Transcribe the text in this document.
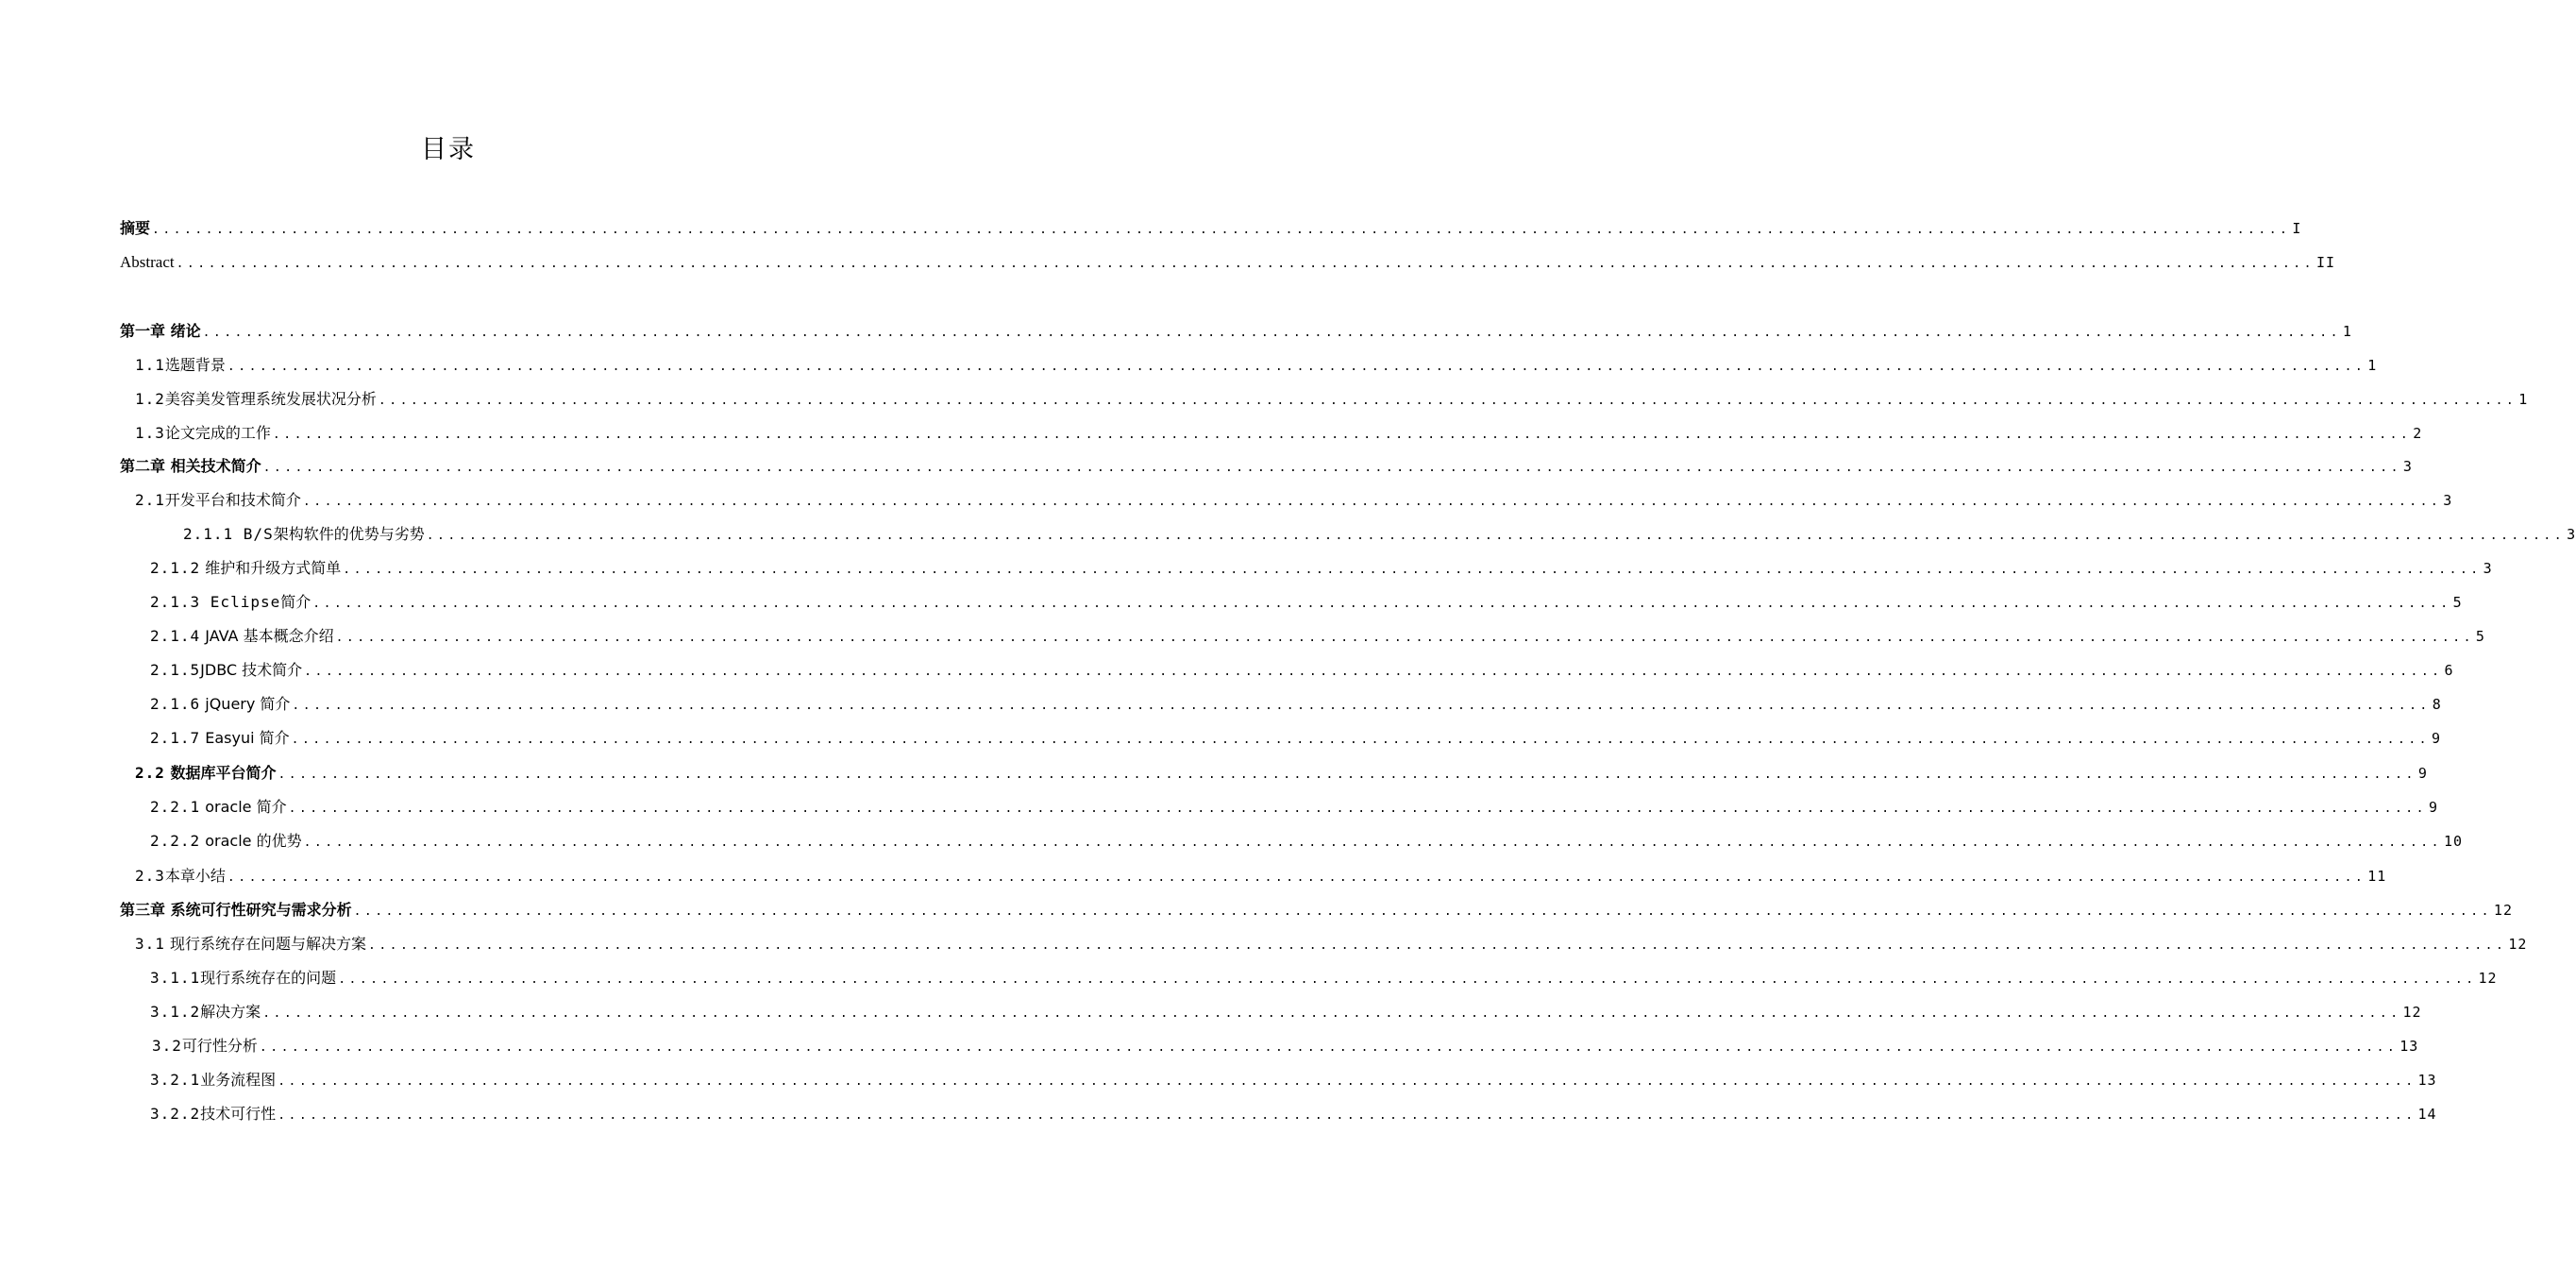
目录
摘要 ........................................................................................................................................................................................................ I
Abstract ........................................................................................................................................................................................................ II
第一章 绪论 ........................................................................................................................................................................................................ 1
1.1选题背景 ........................................................................................................................................................................................................ 1
1.2美容美发管理系统发展状况分析 ........................................................................................................................................................................................................ 1
1.3论文完成的工作 ........................................................................................................................................................................................................ 2
第二章 相关技术简介 ........................................................................................................................................................................................................ 3
2.1开发平台和技术简介 ........................................................................................................................................................................................................ 3
2.1.1 B/S架构软件的优势与劣势 ........................................................................................................................................................................................................ 3
2.1.2 维护和升级方式简单 ........................................................................................................................................................................................................ 3
2.1.3 Eclipse简介 ........................................................................................................................................................................................................ 5
2.1.4 JAVA 基本概念介绍 ........................................................................................................................................................................................................ 5
2.1.5JDBC 技术简介 ........................................................................................................................................................................................................ 6
2.1.6 jQuery 简介 ........................................................................................................................................................................................................ 8
2.1.7 Easyui 简介 ........................................................................................................................................................................................................ 9
2.2 数据库平台简介 ........................................................................................................................................................................................................ 9
2.2.1 oracle 简介 ........................................................................................................................................................................................................ 9
2.2.2 oracle 的优势 ........................................................................................................................................................................................................ 10
2.3本章小结 ........................................................................................................................................................................................................ 11
第三章 系统可行性研究与需求分析 ........................................................................................................................................................................................................ 12
3.1 现行系统存在问题与解决方案 ........................................................................................................................................................................................................ 12
3.1.1现行系统存在的问题 ........................................................................................................................................................................................................ 12
3.1.2解决方案 ........................................................................................................................................................................................................ 12
3.2可行性分析 ........................................................................................................................................................................................................ 13
3.2.1业务流程图 ........................................................................................................................................................................................................ 13
3.2.2技术可行性 ........................................................................................................................................................................................................ 14
